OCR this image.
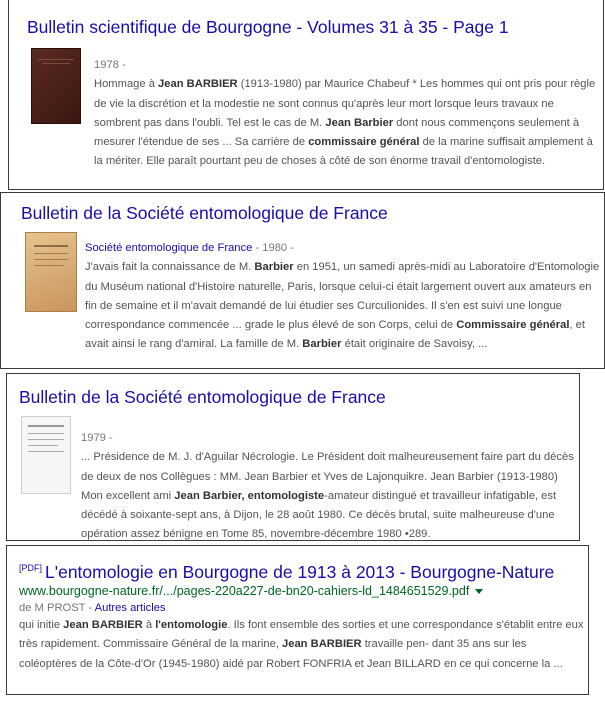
Bulletin scientifique de Bourgogne - Volumes 31 à 35 - Page 1
1978 -
Hommage à Jean BARBIER (1913-1980) par Maurice Chabeuf * Les hommes qui ont pris pour règle de vie la discrétion et la modestie ne sont connus qu'après leur mort lorsque leurs travaux ne sombrent pas dans l'oubli. Tel est le cas de M. Jean Barbier dont nous commençons seulement à mesurer l'étendue de ses ... Sa carrière de commissaire général de la marine suffisait amplement à la mériter. Elle paraît pourtant peu de choses à côté de son énorme travail d'entomologiste.
Bulletin de la Société entomologique de France
Société entomologique de France - 1980 -
J'avais fait la connaissance de M. Barbier en 1951, un samedi après-midi au Laboratoire d'Entomologie du Muséum national d'Histoire naturelle, Paris, lorsque celui-ci était largement ouvert aux amateurs en fin de semaine et il m'avait demandé de lui étudier ses Curculionides. Il s'en est suivi une longue correspondance commencée ... grade le plus élevé de son Corps, celui de Commissaire général, et avait ainsi le rang d'amiral. La famille de M. Barbier était originaire de Savoisy, ...
Bulletin de la Société entomologique de France
1979 -
... Présidence de M. J. d'Aguilar Nécrologie. Le Président doit malheureusement faire part du décès de deux de nos Collègues : MM. Jean Barbier et Yves de Lajonquikre. Jean Barbier (1913-1980) Mon excellent ami Jean Barbier, entomologiste-amateur distingué et travailleur infatigable, est décédé à soixante-sept ans, à Dijon, le 28 août 1980. Ce décès brutal, suite malheureuse d'une opération assez bénigne en Tome 85, novembre-décembre 1980 •289.
[PDF] L'entomologie en Bourgogne de 1913 à 2013 - Bourgogne-Nature
www.bourgogne-nature.fr/.../pages-220a227-de-bn20-cahiers-ld_1484651529.pdf
de M PROST - Autres articles
qui initie Jean BARBIER à l'entomologie. Ils font ensemble des sorties et une correspondance s'établit entre eux très rapidement. Commissaire Général de la marine, Jean BARBIER travaille pen- dant 35 ans sur les coléoptères de la Côte-d'Or (1945-1980) aidé par Robert FONFRIA et Jean BILLARD en ce qui concerne la ...
